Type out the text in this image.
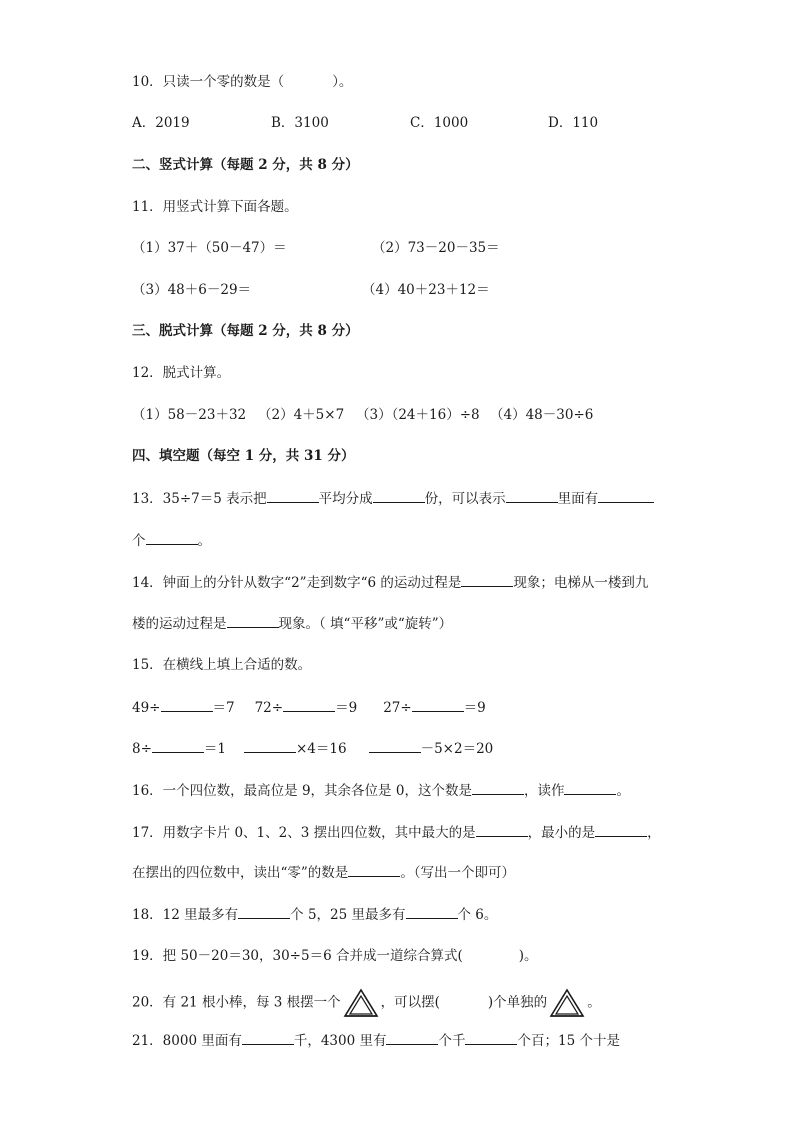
10．只读一个零的数是（	）。
A．2019	B．3100	C．1000	D．110
二、竖式计算（每题 2 分，共 8 分）
11．用竖式计算下面各题。
（1）37＋（50－47）＝	（2）73－20－35＝
（3）48＋6－29＝	（4）40＋23＋12＝
三、脱式计算（每题 2 分，共 8 分）
12．脱式计算。
（1）58－23＋32 （2）4＋5×7 （3）（24＋16）÷8 （4）48－30÷6
四、填空题（每空 1 分，共 31 分）
13．35÷7＝5 表示把	平均分成	份，可以表示	里面有
个	。
14．钟面上的分针从数字“2”走到数字“6 的运动过程是	现象；电梯从一楼到九
楼的运动过程是	现象。（ 填“平移”或“旋转”）
15．在横线上填上合适的数。
49÷	＝7 72÷	＝9 27÷	＝9
8÷	＝1	×4＝16	－5×2＝20
16．一个四位数，最高位是 9，其余各位是 0，这个数是	，读作	。
17．用数字卡片 0、1、2、3 摆出四位数，其中最大的是	，最小的是	，
在摆出的四位数中，读出“零”的数是	。（写出一个即可）
18．12 里最多有	个 5，25 里最多有	个 6。
19．把 50－20＝30，30÷5＝6 合并成一道综合算式(	)。
20．有 21 根小棒，每 3 根摆一个	，可以摆(	)个单独的	。
21．8000 里面有	千，4300 里有	个千	个百；15 个十是
